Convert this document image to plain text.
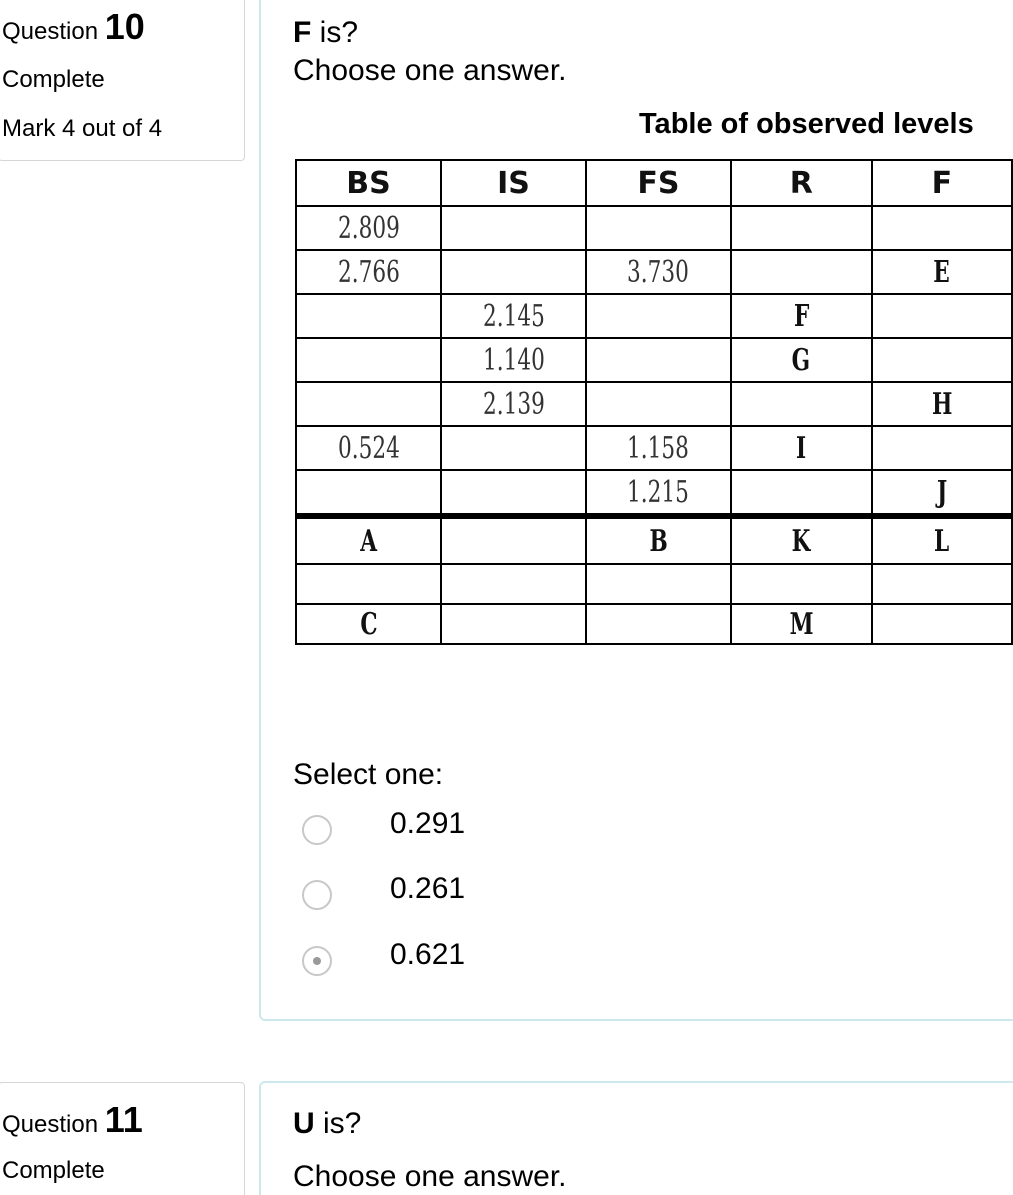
Question 10
Complete
Mark 4 out of 4
F is?
Choose one answer.
Table of observed levels
BS	IS	FS	R	F
2.809				
2.766		3.730		E
	2.145		F	
	1.140		G	
	2.139			H
0.524		1.158	I	
		1.215		J
A		B	K	L

C			M	
Select one:
0.291
0.261
0.621
Question 11
Complete
U is?
Choose one answer.
